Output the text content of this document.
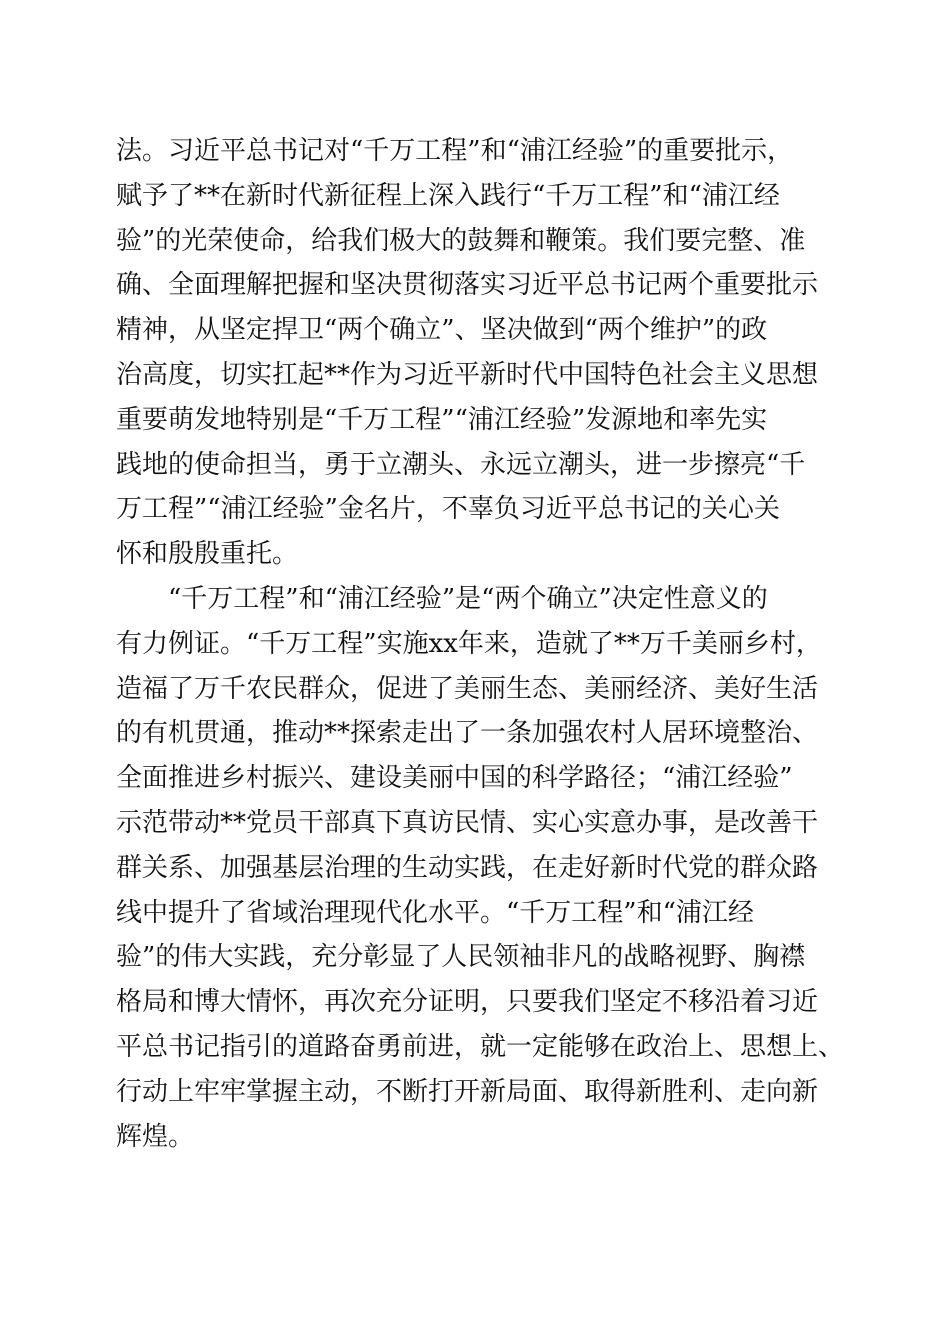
法。习近平总书记对“千万工程”和“浦江经验”的重要批示，
赋予了**在新时代新征程上深入践行“千万工程”和“浦江经
验”的光荣使命，给我们极大的鼓舞和鞭策。我们要完整、准
确、全面理解把握和坚决贯彻落实习近平总书记两个重要批示
精神，从坚定捍卫“两个确立”、坚决做到“两个维护”的政
治高度，切实扛起**作为习近平新时代中国特色社会主义思想
重要萌发地特别是“千万工程”“浦江经验”发源地和率先实
践地的使命担当，勇于立潮头、永远立潮头，进一步擦亮“千
万工程”“浦江经验”金名片，不辜负习近平总书记的关心关
怀和殷殷重托。
　　“千万工程”和“浦江经验”是“两个确立”决定性意义的
有力例证。“千万工程”实施xx年来，造就了**万千美丽乡村，
造福了万千农民群众，促进了美丽生态、美丽经济、美好生活
的有机贯通，推动**探索走出了一条加强农村人居环境整治、
全面推进乡村振兴、建设美丽中国的科学路径；“浦江经验”
示范带动**党员干部真下真访民情、实心实意办事，是改善干
群关系、加强基层治理的生动实践，在走好新时代党的群众路
线中提升了省域治理现代化水平。“千万工程”和“浦江经
验”的伟大实践，充分彰显了人民领袖非凡的战略视野、胸襟
格局和博大情怀，再次充分证明，只要我们坚定不移沿着习近
平总书记指引的道路奋勇前进，就一定能够在政治上、思想上、
行动上牢牢掌握主动，不断打开新局面、取得新胜利、走向新
辉煌。
